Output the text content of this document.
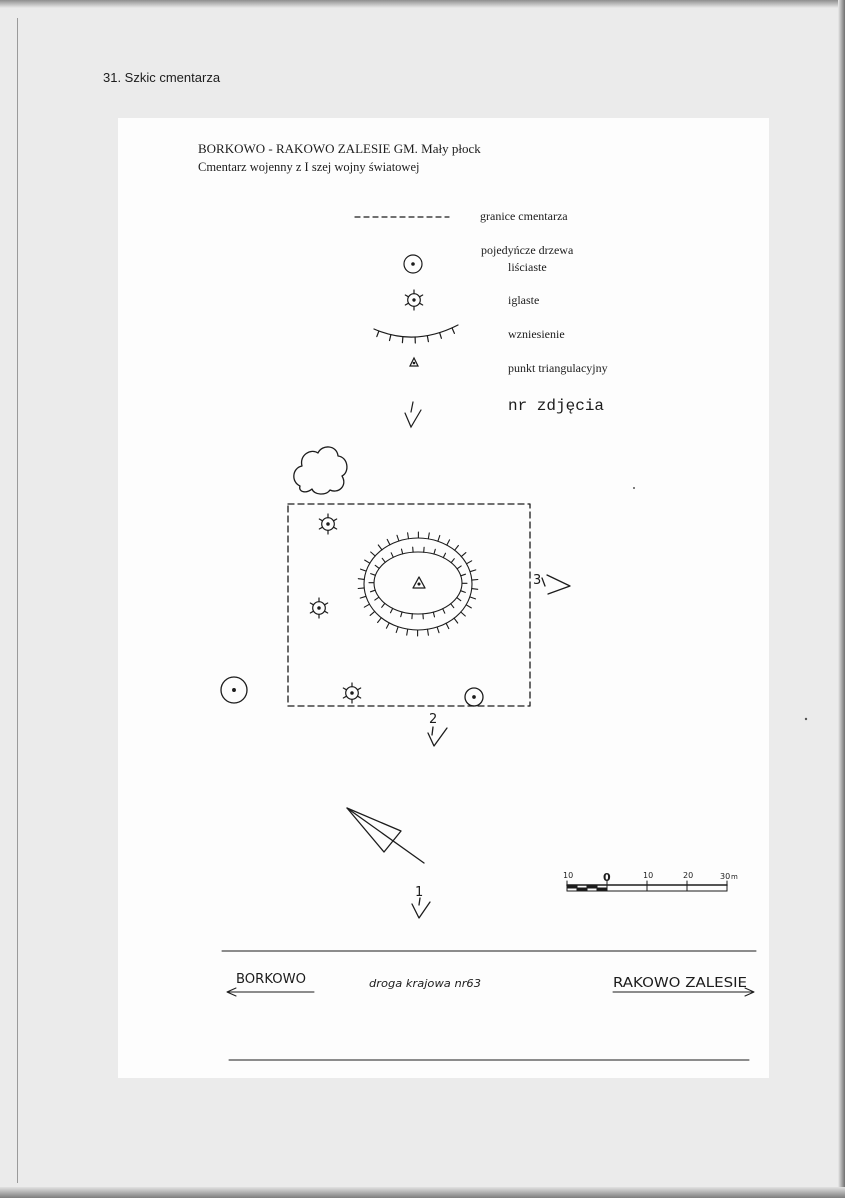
31. Szkic cmentarza
3
2
1
10	0	10	20	30 m
BORKOWO	droga krajowa nr63	RAKOWO ZALESIE
BORKOWO - RAKOWO ZALESIE GM. Mały płock
Cmentarz wojenny z I szej wojny światowej
granice cmentarza
pojedyńcze drzewa
liściaste
iglaste
wzniesienie
punkt triangulacyjny
nr zdjęcia
